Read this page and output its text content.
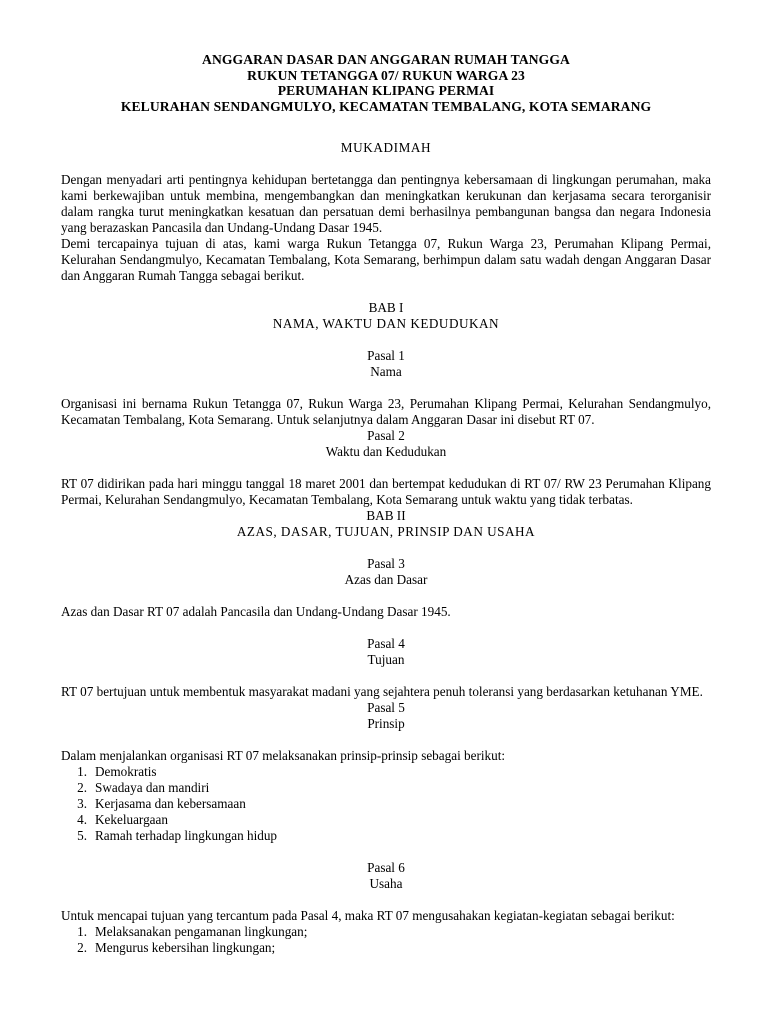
ANGGARAN DASAR DAN ANGGARAN RUMAH TANGGA
RUKUN TETANGGA 07/ RUKUN WARGA 23
PERUMAHAN KLIPANG PERMAI
KELURAHAN SENDANGMULYO, KECAMATAN TEMBALANG, KOTA SEMARANG
MUKADIMAH

Dengan menyadari arti pentingnya kehidupan bertetangga dan pentingnya kebersamaan di lingkungan perumahan, maka kami berkewajiban untuk membina, mengembangkan dan meningkatkan kerukunan dan kerjasama secara terorganisir dalam rangka turut meningkatkan kesatuan dan persatuan demi berhasilnya pembangunan bangsa dan negara Indonesia yang berazaskan Pancasila dan Undang-Undang Dasar 1945.

Demi tercapainya tujuan di atas, kami warga Rukun Tetangga 07, Rukun Warga 23, Perumahan Klipang Permai, Kelurahan Sendangmulyo, Kecamatan Tembalang, Kota Semarang, berhimpun dalam satu wadah dengan Anggaran Dasar dan Anggaran Rumah Tangga sebagai berikut.

BAB I
NAMA, WAKTU DAN KEDUDUKAN
Pasal 1
Nama

Organisasi ini bernama Rukun Tetangga 07, Rukun Warga 23, Perumahan Klipang Permai, Kelurahan Sendangmulyo, Kecamatan Tembalang, Kota Semarang. Untuk selanjutnya dalam Anggaran Dasar ini disebut RT 07.

Pasal 2
Waktu dan Kedudukan

RT 07 didirikan pada hari minggu tanggal 18 maret 2001 dan bertempat kedudukan di RT 07/ RW 23 Perumahan Klipang Permai, Kelurahan Sendangmulyo, Kecamatan Tembalang, Kota Semarang untuk waktu yang tidak terbatas.

BAB II
AZAS, DASAR, TUJUAN, PRINSIP DAN USAHA
Pasal 3
Azas dan Dasar

Azas dan Dasar RT 07 adalah Pancasila dan Undang-Undang Dasar 1945.

Pasal 4
Tujuan

RT 07 bertujuan untuk membentuk masyarakat madani yang sejahtera penuh toleransi yang berdasarkan ketuhanan YME.

Pasal 5
Prinsip

Dalam menjalankan organisasi RT 07 melaksanakan prinsip-prinsip sebagai berikut:

1. Demokratis
2. Swadaya dan mandiri
3. Kerjasama dan kebersamaan
4. Kekeluargaan
5. Ramah terhadap lingkungan hidup
Pasal 6
Usaha

Untuk mencapai tujuan yang tercantum pada Pasal 4, maka RT 07 mengusahakan kegiatan-kegiatan sebagai berikut:

1. Melaksanakan pengamanan lingkungan;
2. Mengurus kebersihan lingkungan;
